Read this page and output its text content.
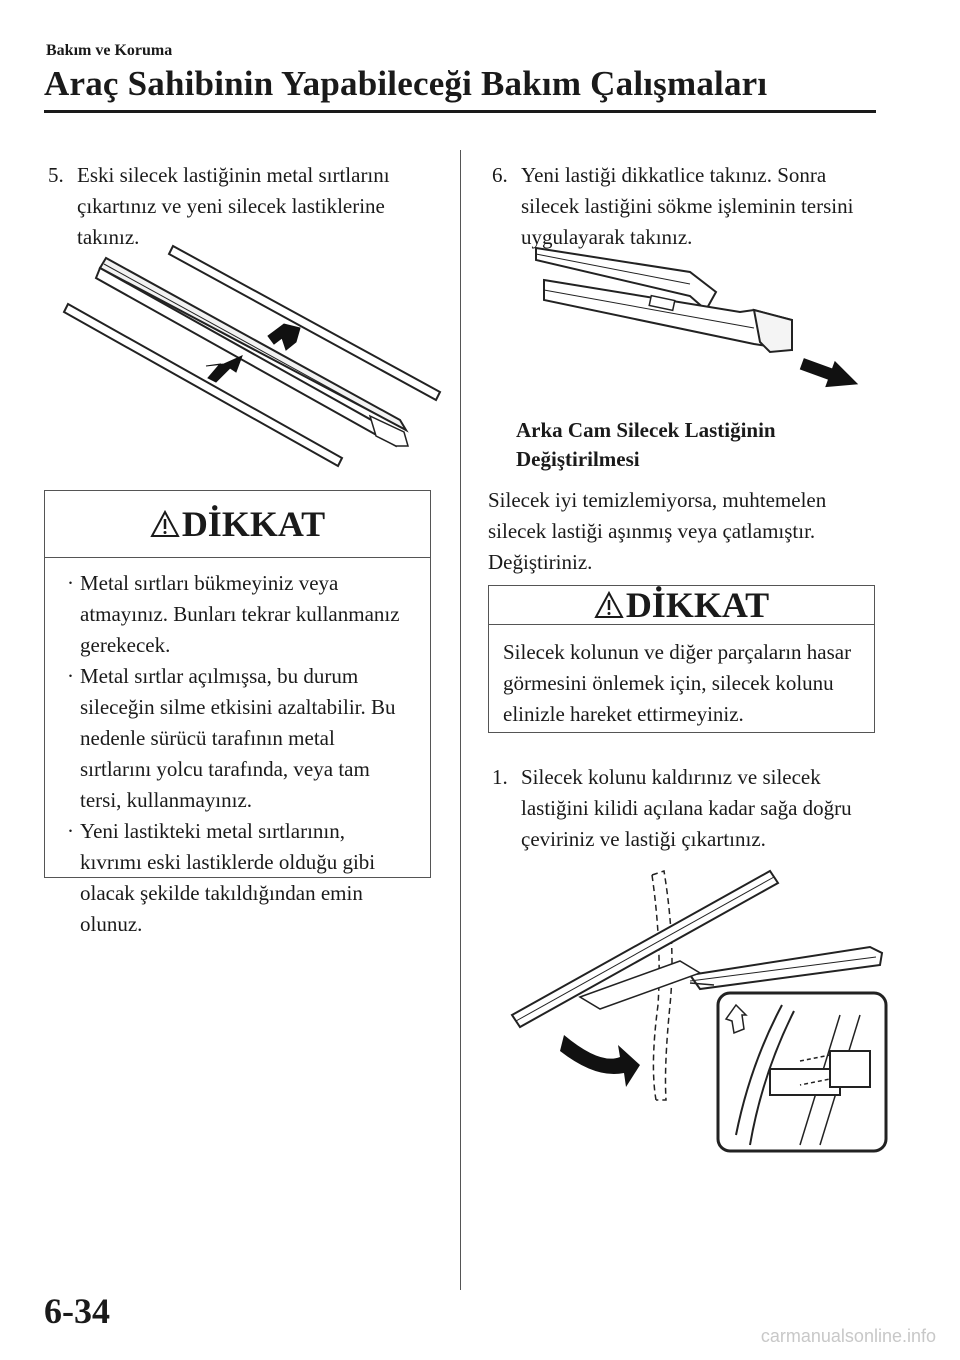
Bakım ve Koruma
Araç Sahibinin Yapabileceği Bakım Çalışmaları
5. Eski silecek lastiğinin metal sırtlarını çıkartınız ve yeni silecek lastiklerine takınız.
DİKKAT
· Metal sırtları bükmeyiniz veya atmayınız. Bunları tekrar kullanmanız gerekecek.
· Metal sırtlar açılmışsa, bu durum sileceğin silme etkisini azaltabilir. Bu nedenle sürücü tarafının metal sırtlarını yolcu tarafında, veya tam tersi, kullanmayınız.
· Yeni lastikteki metal sırtlarının, kıvrımı eski lastiklerde olduğu gibi olacak şekilde takıldığından emin olunuz.
6. Yeni lastiği dikkatlice takınız. Sonra silecek lastiğini sökme işleminin tersini uygulayarak takınız.
Arka Cam Silecek Lastiğinin
Değiştirilmesi
Silecek iyi temizlemiyorsa, muhtemelen silecek lastiği aşınmış veya çatlamıştır. Değiştiriniz.
DİKKAT
Silecek kolunun ve diğer parçaların hasar görmesini önlemek için, silecek kolunu elinizle hareket ettirmeyiniz.
1. Silecek kolunu kaldırınız ve silecek lastiğini kilidi açılana kadar sağa doğru çeviriniz ve lastiği çıkartınız.
6-34
carmanualsonline.info
